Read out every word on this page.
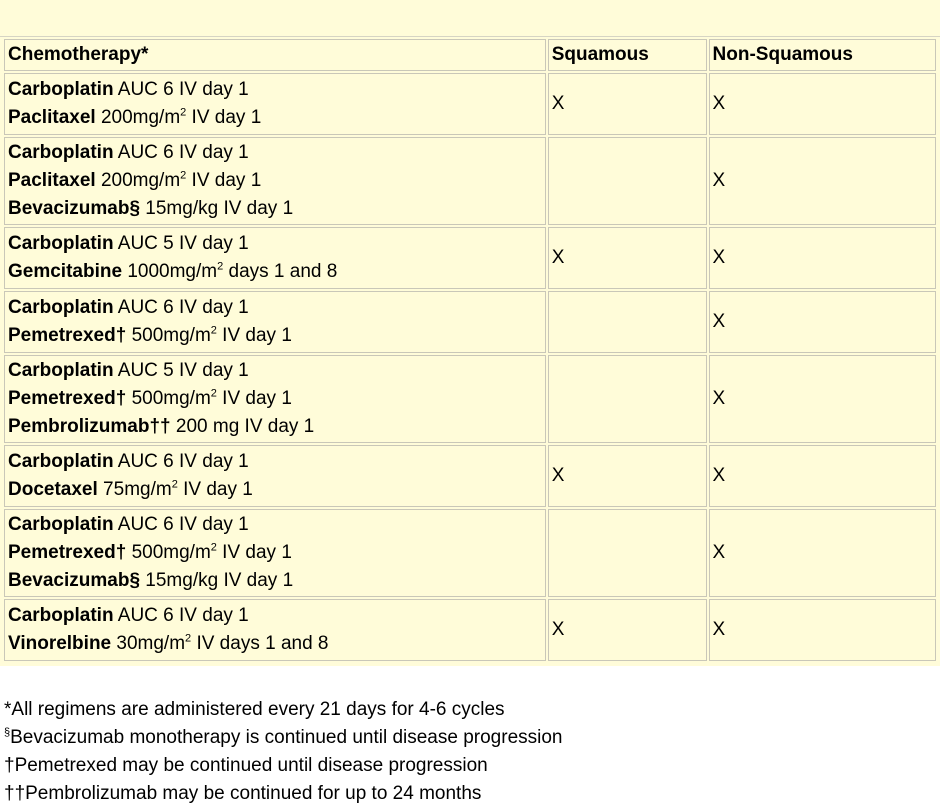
Chemotherapy*	Squamous	Non-Squamous

Carboplatin AUC 6 IV day 1
Paclitaxel $200mg/m^2$ IV day 1	X	X

Carboplatin AUC 6 IV day 1
Paclitaxel $200mg/m^2$ IV day 1
Bevacizumab§ 15mg/kg IV day 1		X

Carboplatin AUC 5 IV day 1
Gemcitabine $1000mg/m^2$ days 1 and 8	X	X

Carboplatin AUC 6 IV day 1
Pemetrexed† $500mg/m^2$ IV day 1		X

Carboplatin AUC 5 IV day 1
Pemetrexed† $500mg/m^2$ IV day 1
Pembrolizumab†† 200 mg IV day 1		X

Carboplatin AUC 6 IV day 1
Docetaxel $75mg/m^2$ IV day 1	X	X

Carboplatin AUC 6 IV day 1
Pemetrexed† $500mg/m^2$ IV day 1
Bevacizumab§ 15mg/kg IV day 1		X

Carboplatin AUC 6 IV day 1
Vinorelbine $30mg/m^2$ IV days 1 and 8	X	X
*All regimens are administered every 21 days for 4-6 cycles
§Bevacizumab monotherapy is continued until disease progression
†Pemetrexed may be continued until disease progression
††Pembrolizumab may be continued for up to 24 months
